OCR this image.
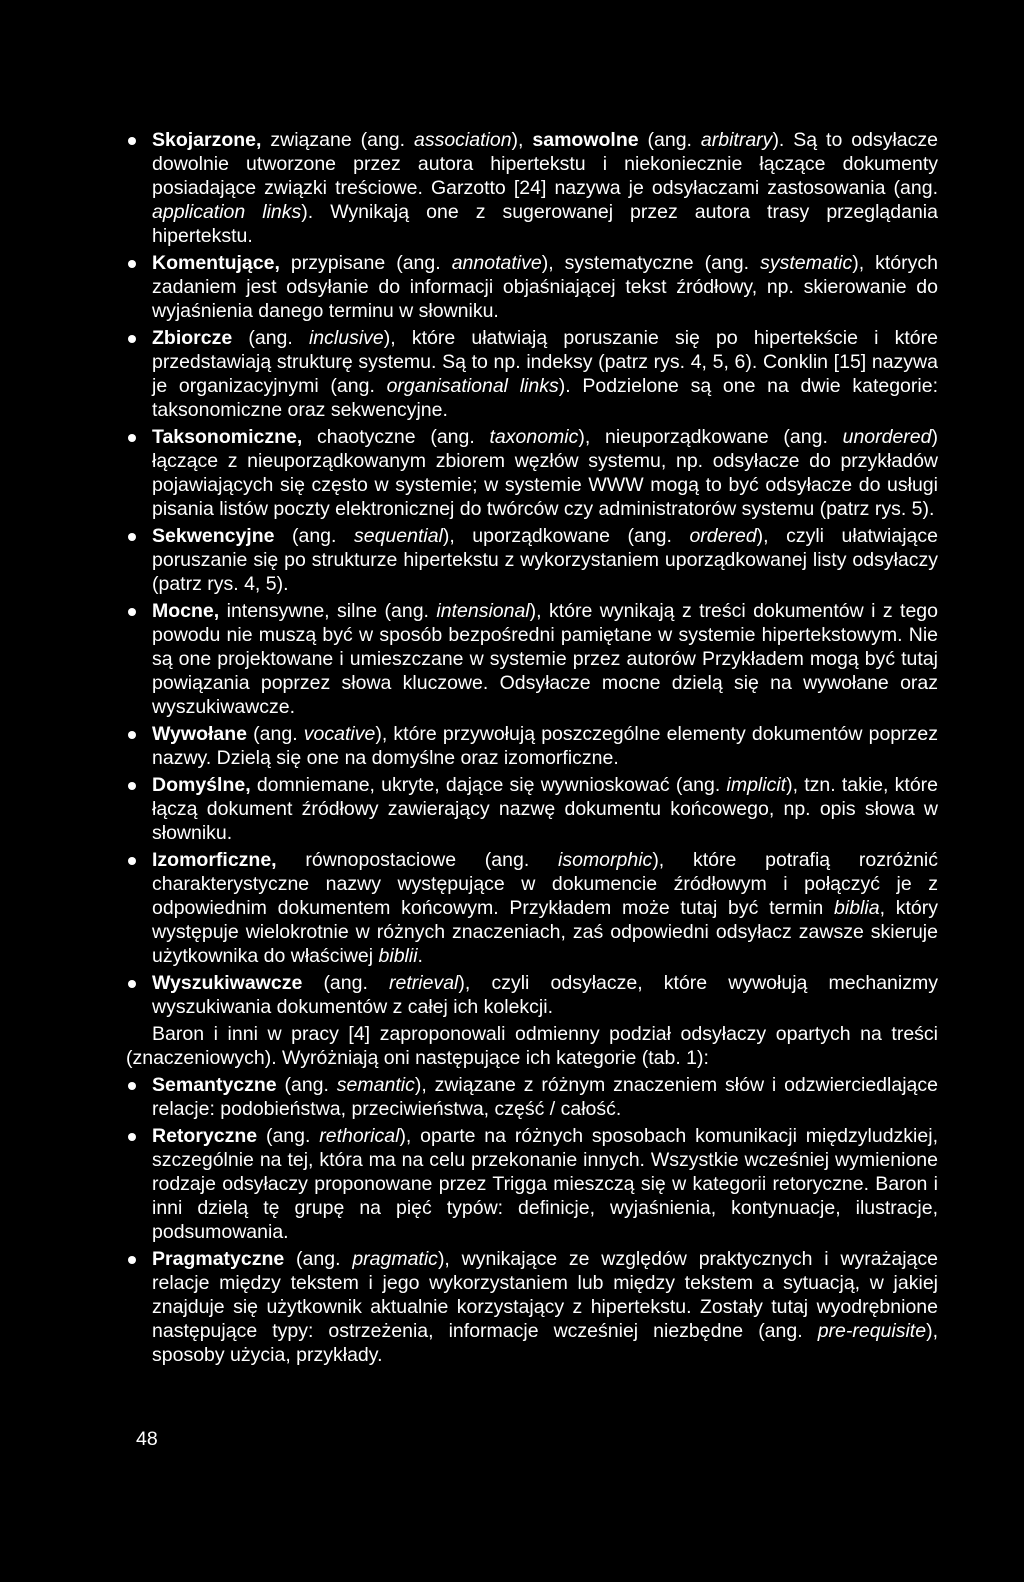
Skojarzone, związane (ang. association), samowolne (ang. arbitrary). Są to odsyłacze dowolnie utworzone przez autora hipertekstu i niekoniecznie łączące dokumenty posiadające związki treściowe. Garzotto [24] nazywa je odsyłaczami zastosowania (ang. application links). Wynikają one z sugerowanej przez autora trasy przeglądania hipertekstu.

Komentujące, przypisane (ang. annotative), systematyczne (ang. systematic), których zadaniem jest odsyłanie do informacji objaśniającej tekst źródłowy, np. skierowanie do wyjaśnienia danego terminu w słowniku.

Zbiorcze (ang. inclusive), które ułatwiają poruszanie się po hipertekście i które przedstawiają strukturę systemu. Są to np. indeksy (patrz rys. 4, 5, 6). Conklin [15] nazywa je organizacyjnymi (ang. organisational links). Podzielone są one na dwie kategorie: taksonomiczne oraz sekwencyjne.

Taksonomiczne, chaotyczne (ang. taxonomic), nieuporządkowane (ang. unordered) łączące z nieuporządkowanym zbiorem węzłów systemu, np. odsyłacze do przykładów pojawiających się często w systemie; w systemie WWW mogą to być odsyłacze do usługi pisania listów poczty elektronicznej do twórców czy administratorów systemu (patrz rys. 5).

Sekwencyjne (ang. sequential), uporządkowane (ang. ordered), czyli ułatwiające poruszanie się po strukturze hipertekstu z wykorzystaniem uporządkowanej listy odsyłaczy (patrz rys. 4, 5).

Mocne, intensywne, silne (ang. intensional), które wynikają z treści dokumentów i z tego powodu nie muszą być w sposób bezpośredni pamiętane w systemie hipertekstowym. Nie są one projektowane i umieszczane w systemie przez autorów Przykładem mogą być tutaj powiązania poprzez słowa kluczowe. Odsyłacze mocne dzielą się na wywołane oraz wyszukiwawcze.

Wywołane (ang. vocative), które przywołują poszczególne elementy dokumentów poprzez nazwy. Dzielą się one na domyślne oraz izomorficzne.

Domyślne, domniemane, ukryte, dające się wywnioskować (ang. implicit), tzn. takie, które łączą dokument źródłowy zawierający nazwę dokumentu końcowego, np. opis słowa w słowniku.

Izomorficzne, równopostaciowe (ang. isomorphic), które potrafią rozróżnić charakterystyczne nazwy występujące w dokumencie źródłowym i połączyć je z odpowiednim dokumentem końcowym. Przykładem może tutaj być termin biblia, który występuje wielokrotnie w różnych znaczeniach, zaś odpowiedni odsyłacz zawsze skieruje użytkownika do właściwej biblii.

Wyszukiwawcze (ang. retrieval), czyli odsyłacze, które wywołują mechanizmy wyszukiwania dokumentów z całej ich kolekcji.

Baron i inni w pracy [4] zaproponowali odmienny podział odsyłaczy opartych na treści (znaczeniowych). Wyróżniają oni następujące ich kategorie (tab. 1):

Semantyczne (ang. semantic), związane z różnym znaczeniem słów i odzwierciedlające relacje: podobieństwa, przeciwieństwa, część / całość.

Retoryczne (ang. rethorical), oparte na różnych sposobach komunikacji międzyludzkiej, szczególnie na tej, która ma na celu przekonanie innych. Wszystkie wcześniej wymienione rodzaje odsyłaczy proponowane przez Trigga mieszczą się w kategorii retoryczne. Baron i inni dzielą tę grupę na pięć typów: definicje, wyjaśnienia, kontynuacje, ilustracje, podsumowania.

Pragmatyczne (ang. pragmatic), wynikające ze względów praktycznych i wyrażające relacje między tekstem i jego wykorzystaniem lub między tekstem a sytuacją, w jakiej znajduje się użytkownik aktualnie korzystający z hipertekstu. Zostały tutaj wyodrębnione następujące typy: ostrzeżenia, informacje wcześniej niezbędne (ang. pre-requisite), sposoby użycia, przykłady.

48
